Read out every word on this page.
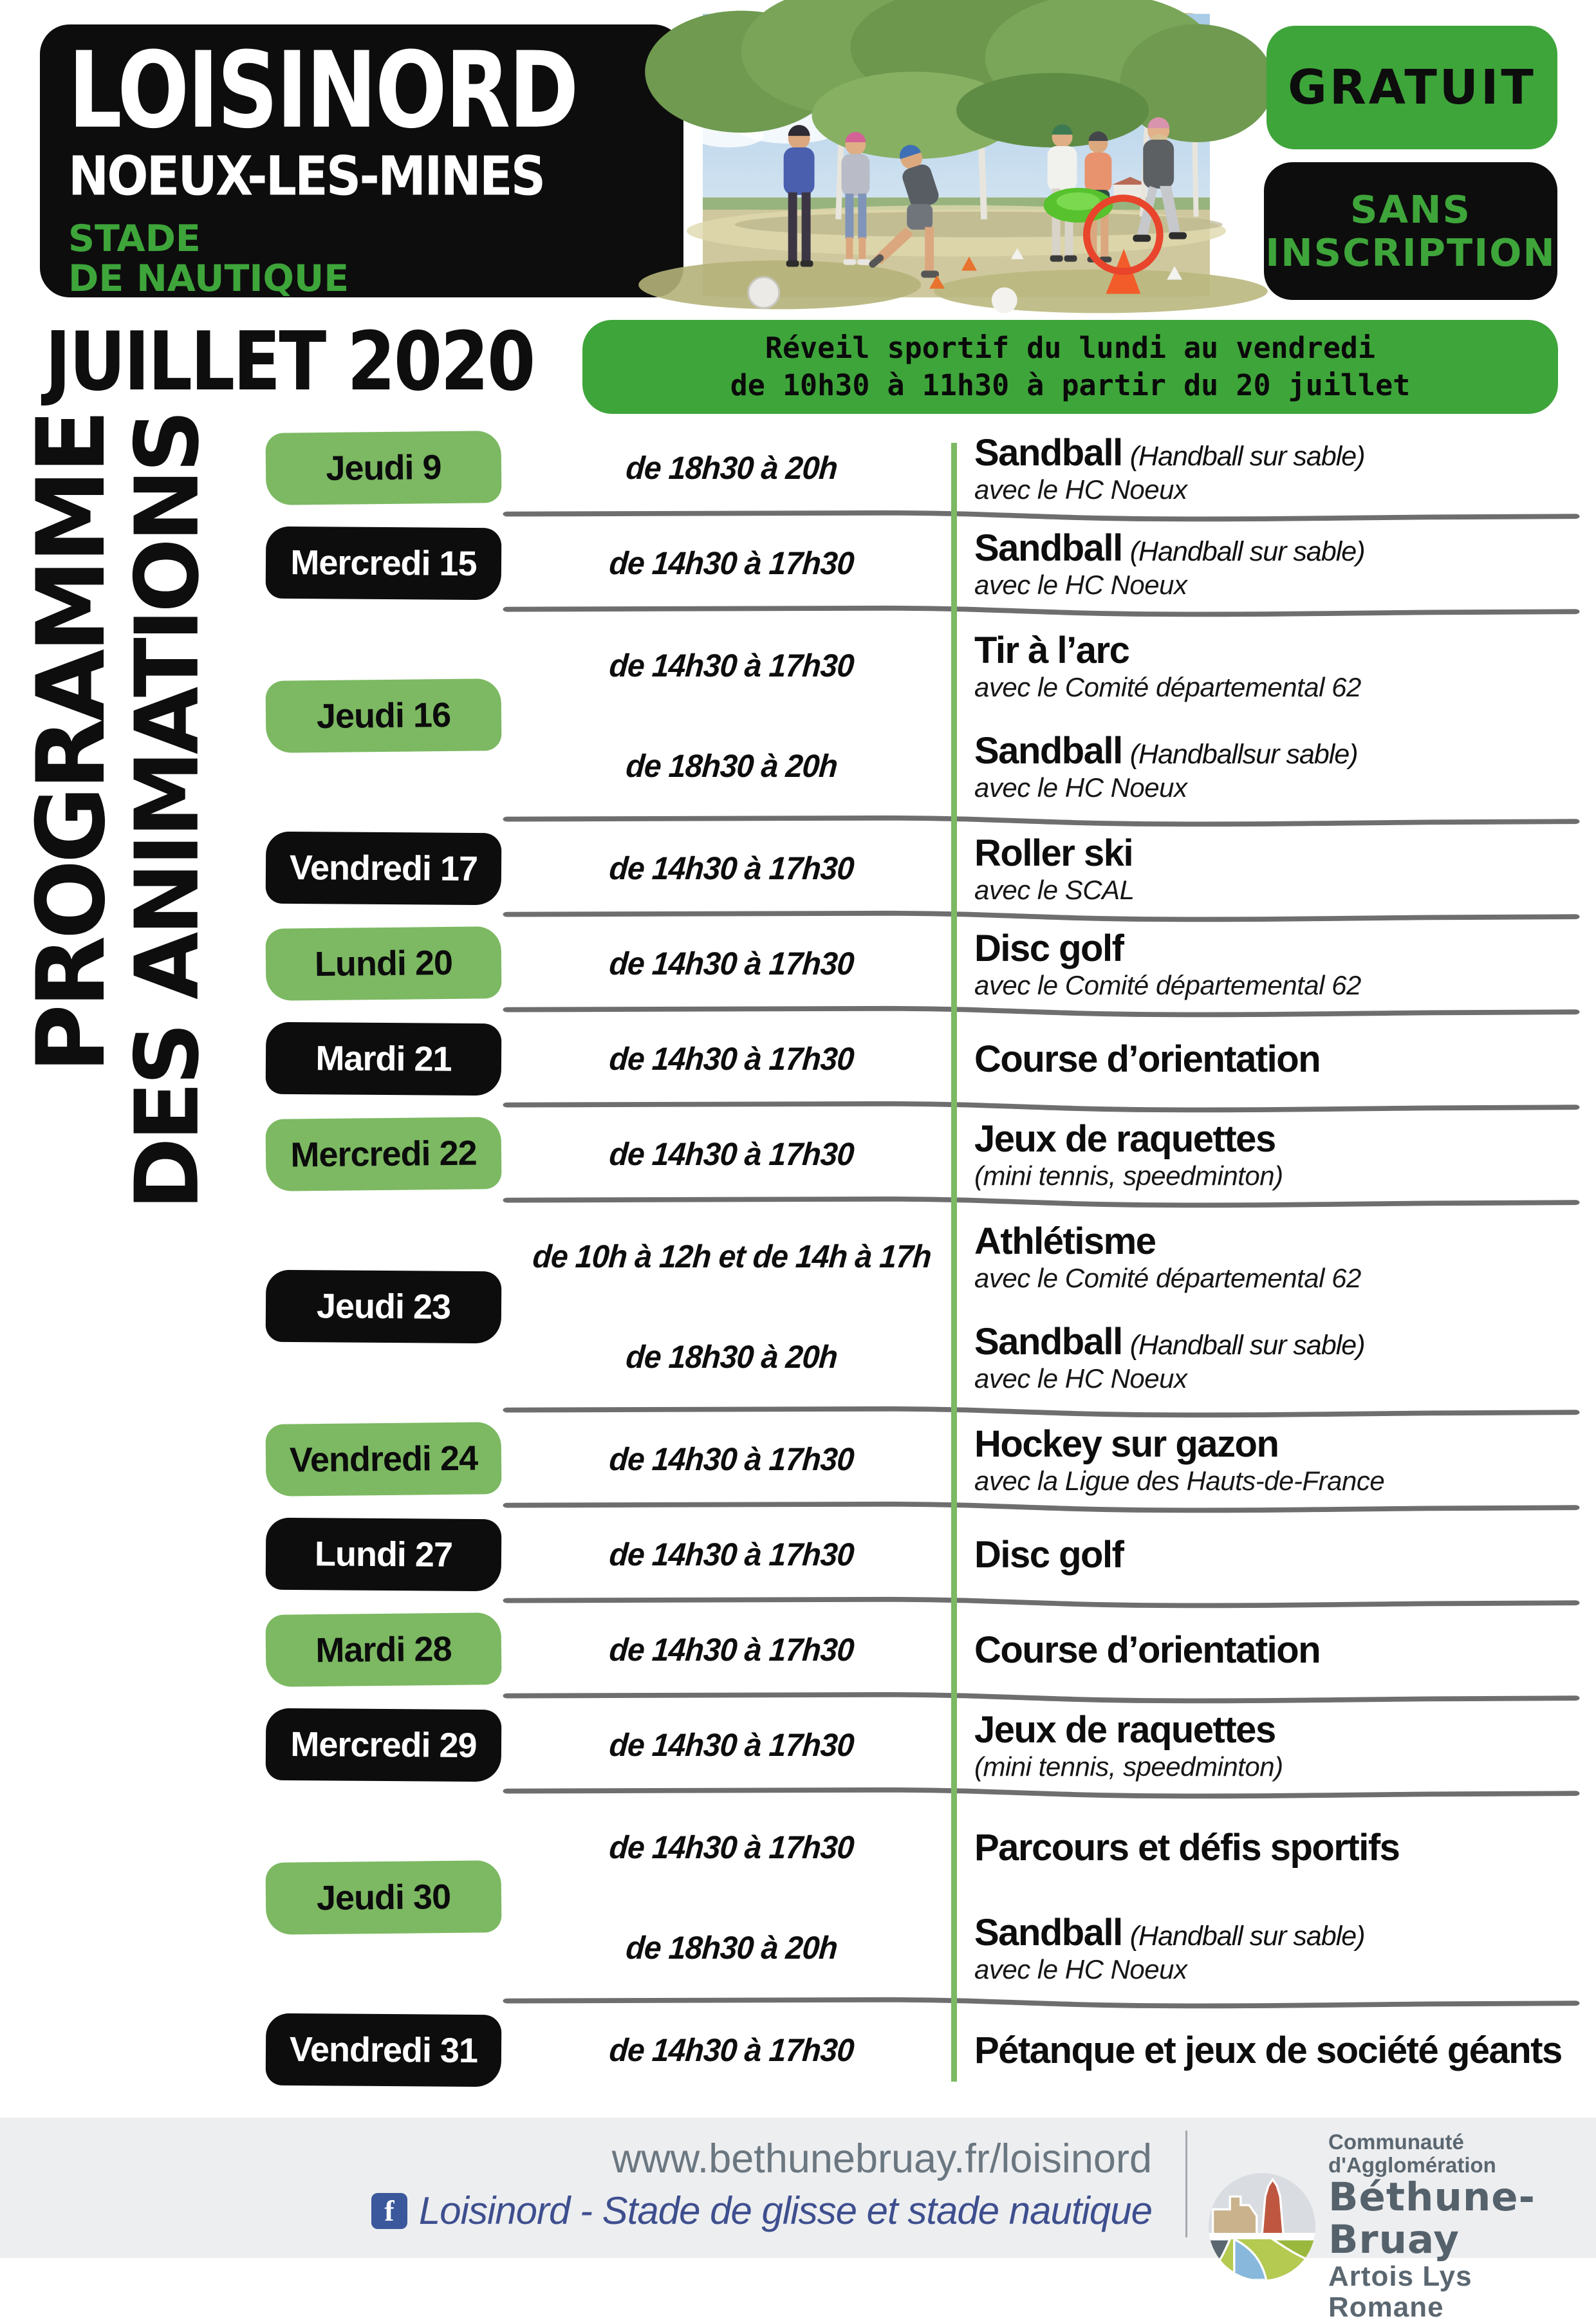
LOISINORD
NOEUX-LES-MINES
STADE
DE NAUTIQUE
GRATUIT
SANS
INSCRIPTION
JUILLET 2020	Réveil sportif du lundi au vendredi
de 10h30 à 11h30 à partir du 20 juillet
PROGRAMME
DES ANIMATIONS	Jeudi 9	de 18h30 à 20h	Sandball (Handball sur sable)
avec le HC Noeux
Mercredi 15	de 14h30 à 17h30	Sandball (Handball sur sable)
avec le HC Noeux
Jeudi 16
de 14h30 à 17h30	Tir à l’arc
avec le Comité départemental 62
de 18h30 à 20h	Sandball (Handballsur sable)
avec le HC Noeux
Vendredi 17	de 14h30 à 17h30	Roller ski
avec le SCAL
Lundi 20	de 14h30 à 17h30	Disc golf
avec le Comité départemental 62
Mardi 21	de 14h30 à 17h30	Course d’orientation
Mercredi 22	de 14h30 à 17h30	Jeux de raquettes
(mini tennis, speedminton)
Jeudi 23
de 10h à 12h et de 14h à 17h	Athlétisme
avec le Comité départemental 62
de 18h30 à 20h	Sandball (Handball sur sable)
avec le HC Noeux
Vendredi 24	de 14h30 à 17h30	Hockey sur gazon
avec la Ligue des Hauts-de-France
Lundi 27	de 14h30 à 17h30	Disc golf
Mardi 28	de 14h30 à 17h30	Course d’orientation
Mercredi 29	de 14h30 à 17h30	Jeux de raquettes
(mini tennis, speedminton)
Jeudi 30
de 14h30 à 17h30	Parcours et défis sportifs
de 18h30 à 20h	Sandball (Handball sur sable)
avec le HC Noeux
Vendredi 31	de 14h30 à 17h30	Pétanque et jeux de société géants
www.bethunebruay.fr/loisinord
f Loisinord - Stade de glisse et stade nautique
Communauté d'Agglomération
Béthune-Bruay
Artois Lys Romane
